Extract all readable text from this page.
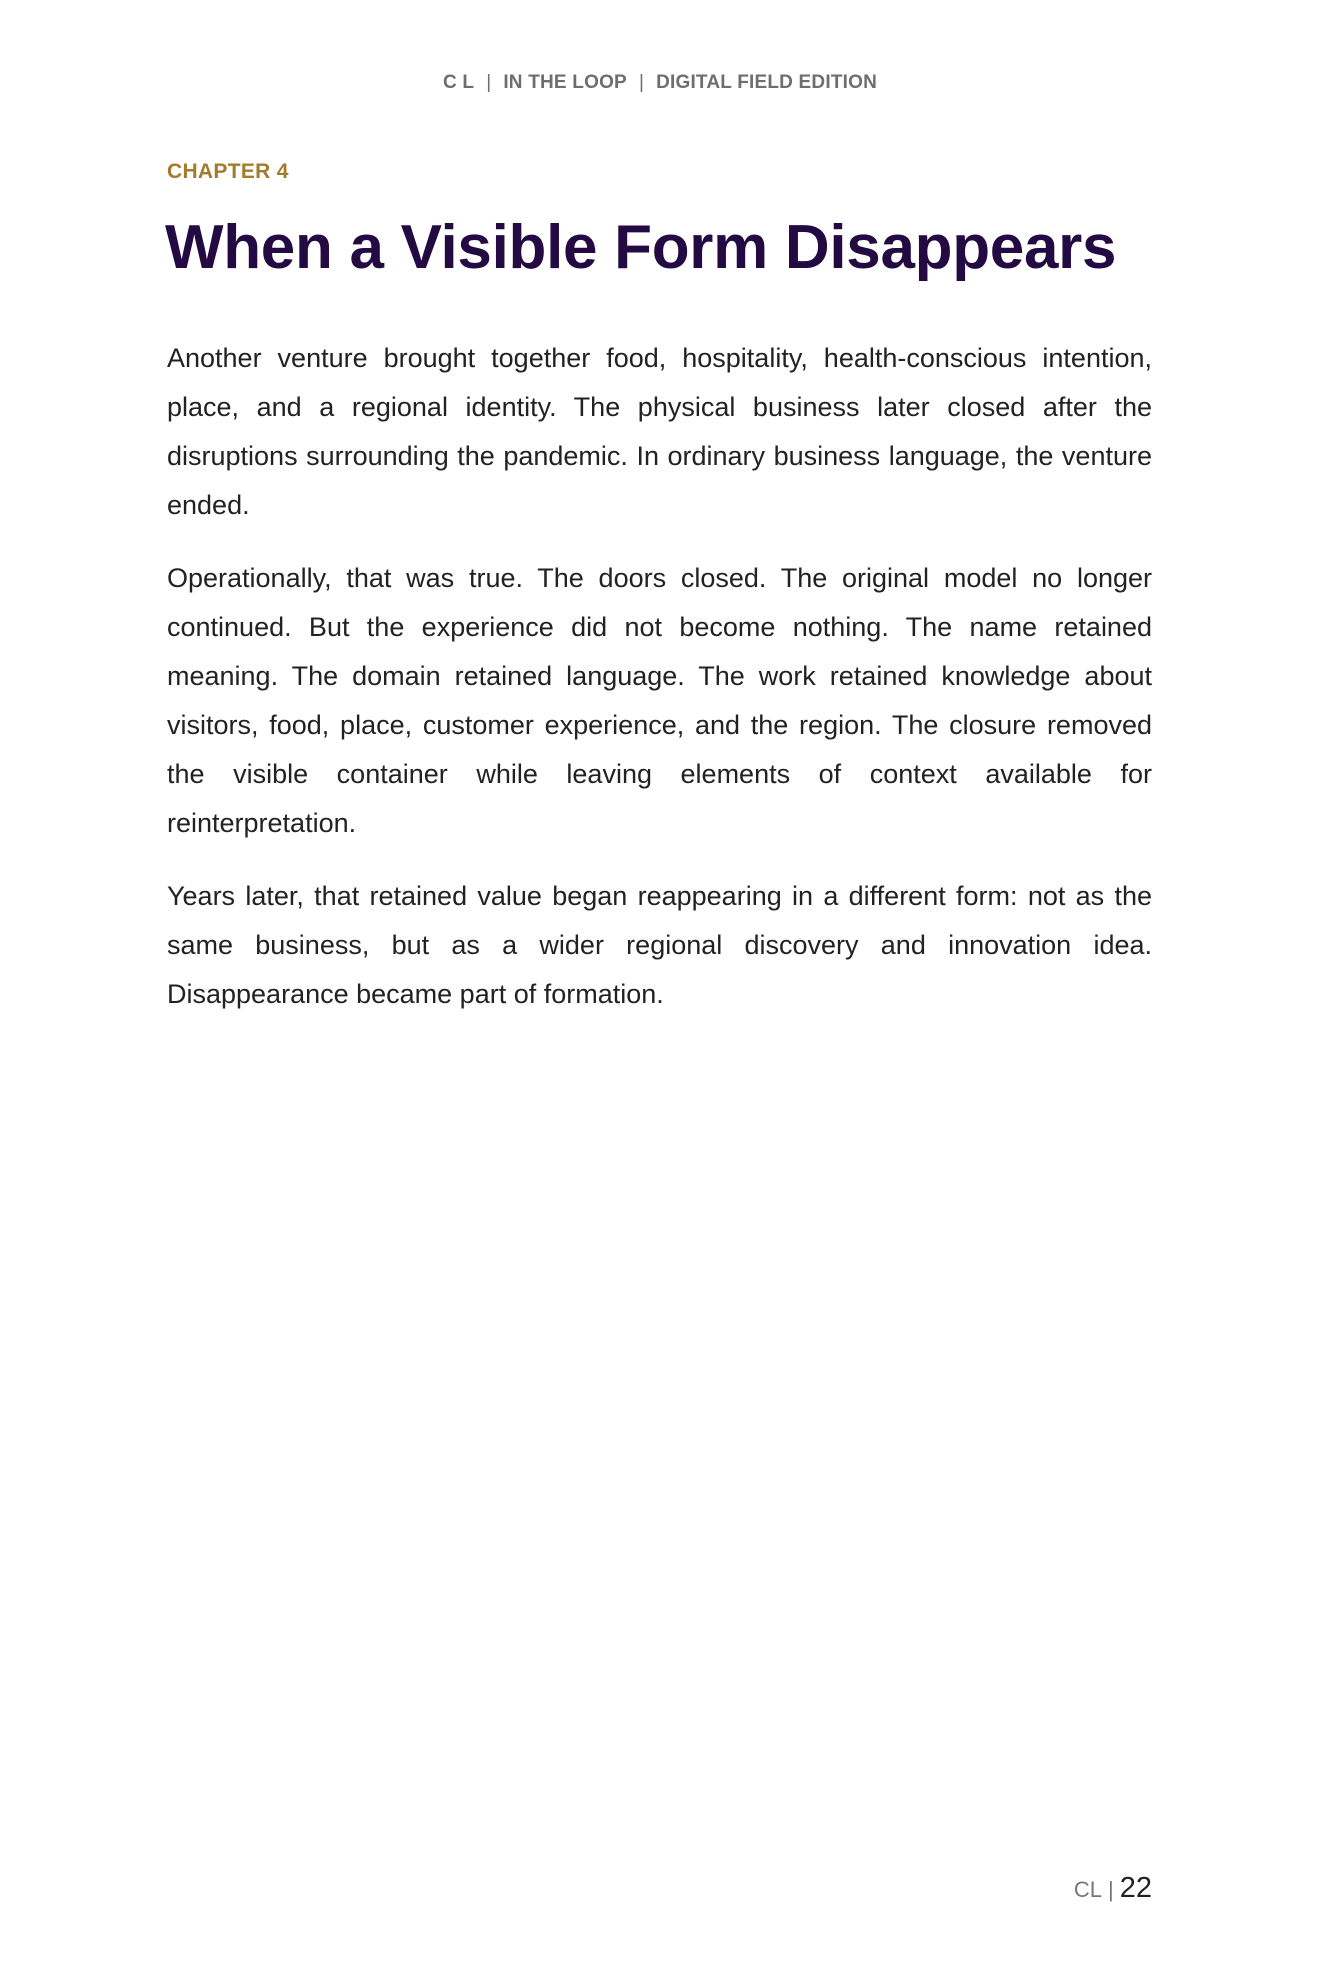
C L | IN THE LOOP | DIGITAL FIELD EDITION
CHAPTER 4
When a Visible Form Disappears

Another venture brought together food, hospitality, health-conscious intention, place, and a regional identity. The physical business later closed after the disruptions surrounding the pandemic. In ordinary business language, the venture ended.

Operationally, that was true. The doors closed. The original model no longer continued. But the experience did not become nothing. The name retained meaning. The domain retained language. The work retained knowledge about visitors, food, place, customer experience, and the region. The closure removed the visible container while leaving elements of context available for reinterpretation.

Years later, that retained value began reappearing in a different form: not as the same business, but as a wider regional discovery and innovation idea. Disappearance became part of formation.

CL | 22
